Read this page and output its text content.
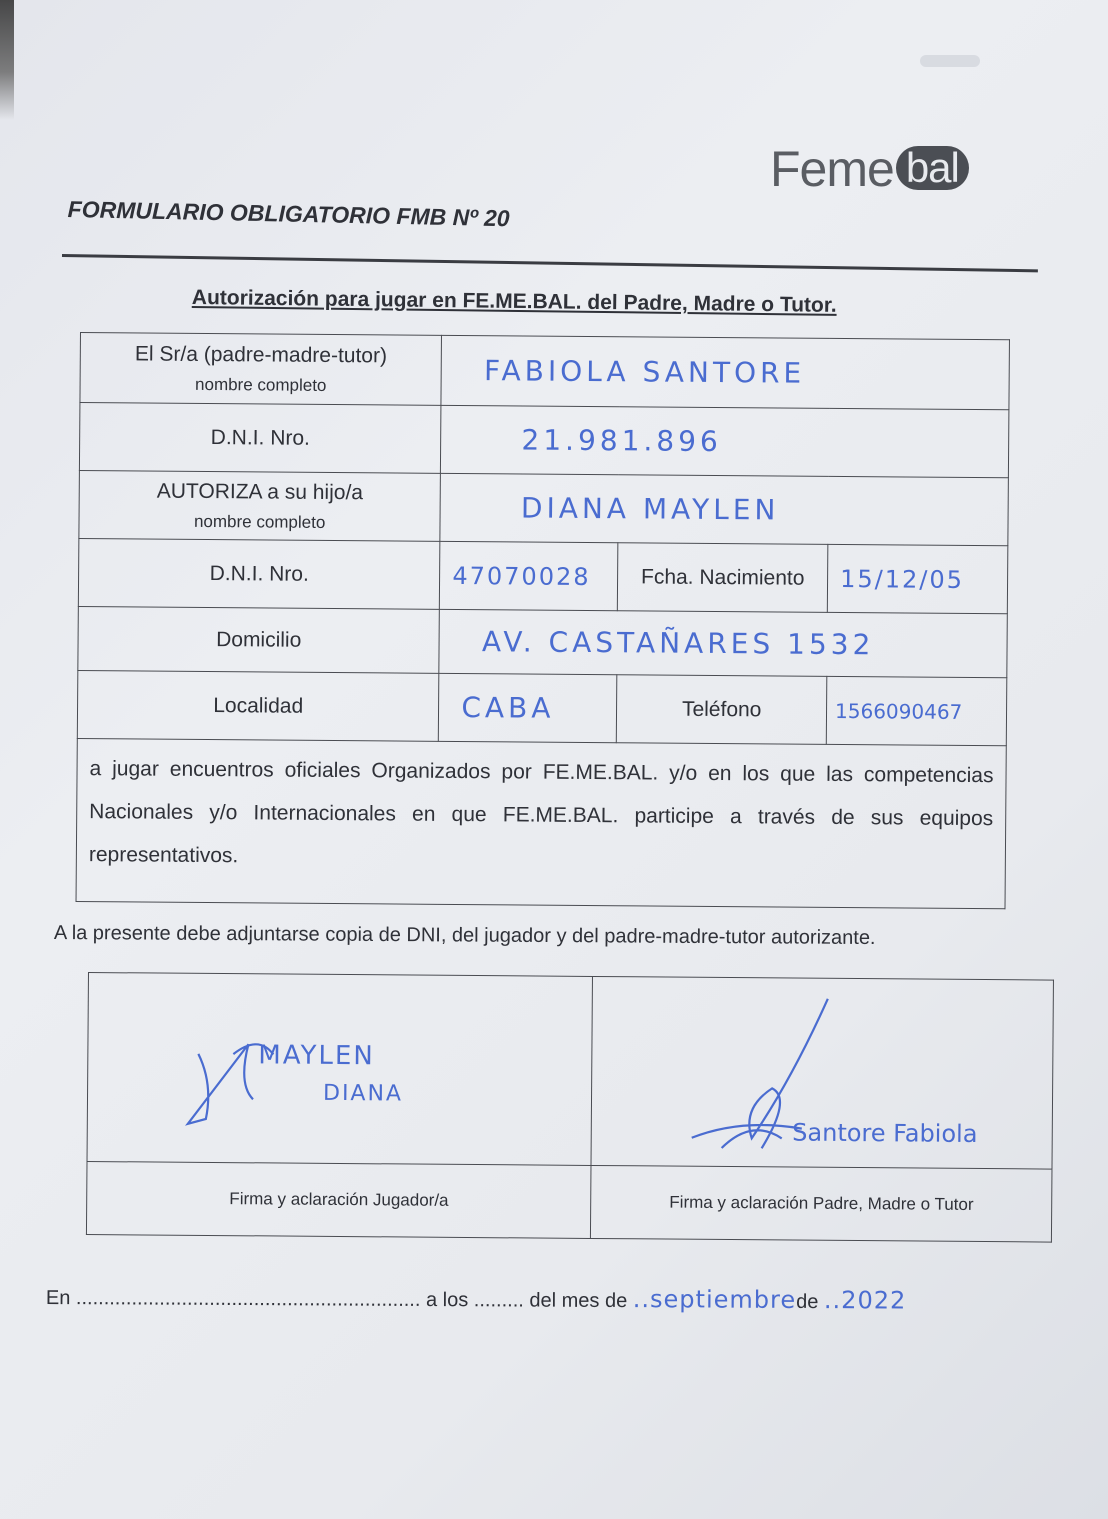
Feme bal
FORMULARIO OBLIGATORIO FMB Nº 20
Autorización para jugar en FE.ME.BAL. del Padre, Madre o Tutor.
El Sr/a (padre-madre-tutor)
nombre completo	FABIOLA SANTORE		
D.N.I. Nro.	21.981.896		
AUTORIZA a su hijo/a
nombre completo	DIANA MAYLEN		
D.N.I. Nro.	47070028	Fcha. Nacimiento	15/12/05
Domicilio	AV. CASTAÑARES 1532		
Localidad	CABA	Teléfono	1566090467
a jugar encuentros oficiales Organizados por FE.ME.BAL. y/o en los que las competencias Nacionales y/o Internacionales en que FE.ME.BAL. participe a través de sus equipos representativos.			
A la presente debe adjuntarse copia de DNI, del jugador y del padre-madre-tutor autorizante.
MAYLEN
DIANA	Santore Fabiola

Firma y aclaración Jugador/a	Firma y aclaración Padre, Madre o Tutor
En .............................................................. a los ......... del mes de ..septiembrede ..2022
